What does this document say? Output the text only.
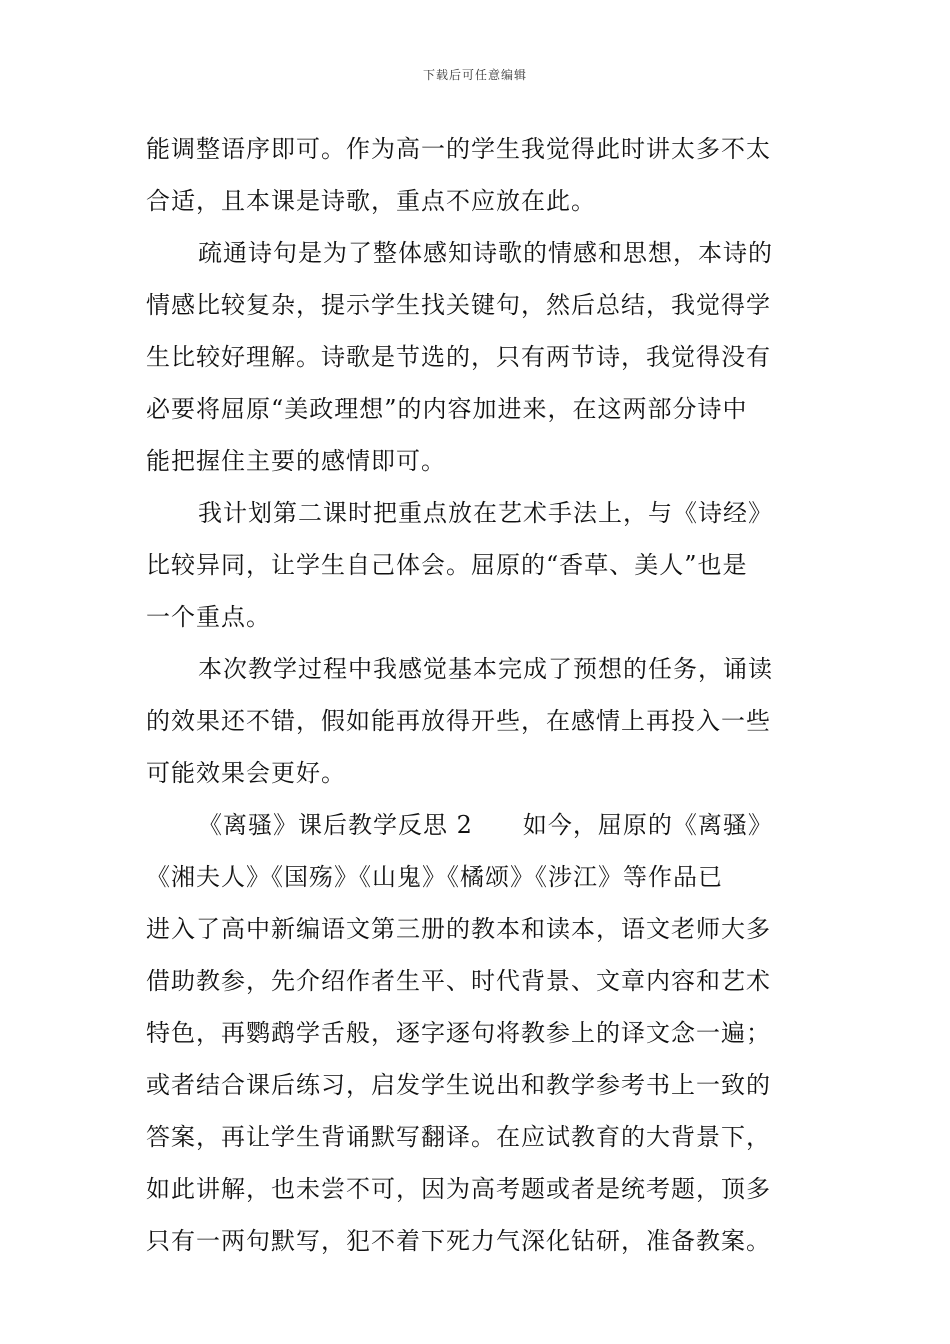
下载后可任意编辑
能调整语序即可。作为高一的学生我觉得此时讲太多不太
合适，且本课是诗歌，重点不应放在此。
疏通诗句是为了整体感知诗歌的情感和思想，本诗的
情感比较复杂，提示学生找关键句，然后总结，我觉得学
生比较好理解。诗歌是节选的，只有两节诗，我觉得没有
必要将屈原“美政理想”的内容加进来，在这两部分诗中
能把握住主要的感情即可。
我计划第二课时把重点放在艺术手法上，与《诗经》
比较异同，让学生自己体会。屈原的“香草、美人”也是
一个重点。
本次教学过程中我感觉基本完成了预想的任务，诵读
的效果还不错，假如能再放得开些，在感情上再投入一些
可能效果会更好。
《离骚》课后教学反思 2　　如今，屈原的《离骚》
《湘夫人》《国殇》《山鬼》《橘颂》《涉江》等作品已
进入了高中新编语文第三册的教本和读本，语文老师大多
借助教参，先介绍作者生平、时代背景、文章内容和艺术
特色，再鹦鹉学舌般，逐字逐句将教参上的译文念一遍；
或者结合课后练习，启发学生说出和教学参考书上一致的
答案，再让学生背诵默写翻译。在应试教育的大背景下，
如此讲解，也未尝不可，因为高考题或者是统考题，顶多
只有一两句默写，犯不着下死力气深化钻研，准备教案。
